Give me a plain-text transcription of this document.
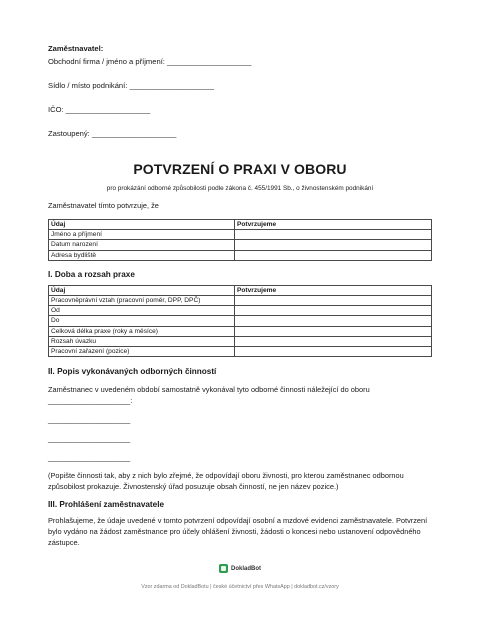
Zaměstnavatel:
Obchodní firma / jméno a příjmení: ____________________
Sídlo / místo podnikání: ____________________
IČO: ____________________
Zastoupený: ____________________
POTVRZENÍ O PRAXI V OBORU
pro prokázání odborné způsobilosti podle zákona č. 455/1991 Sb., o živnostenském podnikání
Zaměstnavatel tímto potvrzuje, že
Údaj	Potvrzujeme
Jméno a příjmení	
Datum narození	
Adresa bydliště	
I. Doba a rozsah praxe
Údaj	Potvrzujeme
Pracovněprávní vztah (pracovní poměr, DPP, DPČ)	
Od	
Do	
Celková délka praxe (roky a měsíce)	
Rozsah úvazku	
Pracovní zařazení (pozice)	
II. Popis vykonávaných odborných činností
Zaměstnanec v uvedeném období samostatně vykonával tyto odborné činnosti náležející do oboru
____________________:
____________________
____________________
____________________
(Popište činnosti tak, aby z nich bylo zřejmé, že odpovídají oboru živnosti, pro kterou zaměstnanec odbornou způsobilost prokazuje. Živnostenský úřad posuzuje obsah činností, ne jen název pozice.)
III. Prohlášení zaměstnavatele
Prohlašujeme, že údaje uvedené v tomto potvrzení odpovídají osobní a mzdové evidenci zaměstnavatele. Potvrzení bylo vydáno na žádost zaměstnance pro účely ohlášení živnosti, žádosti o koncesi nebo ustanovení odpovědného zástupce.
DokladBot
Vzor zdarma od DokladBotu | české účetnictví přes WhatsApp | dokladbot.cz/vzory
